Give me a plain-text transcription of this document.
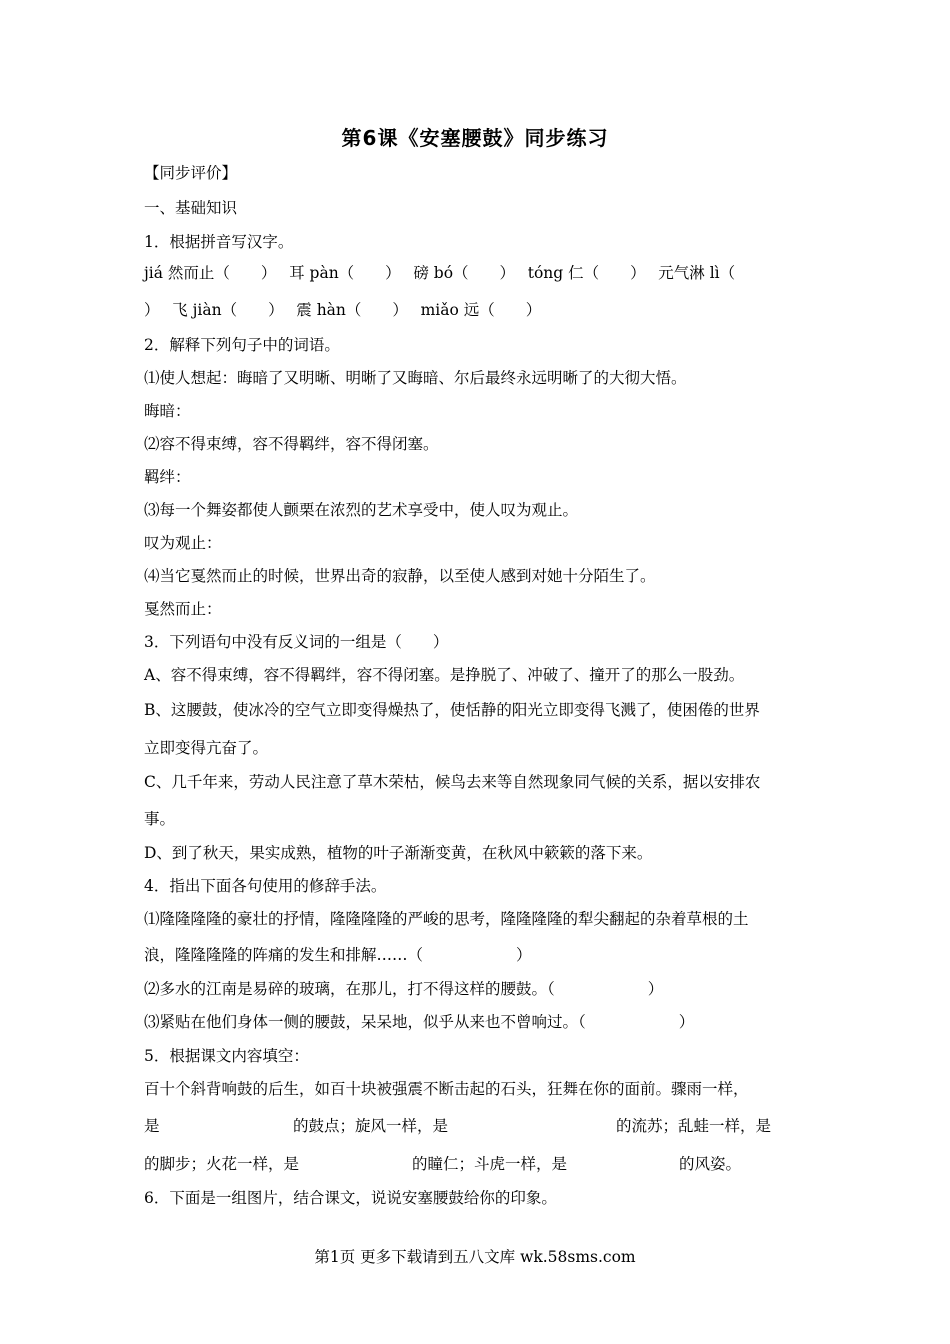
第6课《安塞腰鼓》同步练习
【同步评价】
一、基础知识
1．根据拼音写汉字。
jiá 然而止（　　）　 耳 pàn（　　）　 磅 bó（　　）　 tóng 仁（　　）　 元气淋 lì（
）　 飞 jiàn（　　）　 震 hàn（　　）　 miǎo 远（　　）
2．解释下列句子中的词语。
⑴使人想起：晦暗了又明晰、明晰了又晦暗、尔后最终永远明晰了的大彻大悟。
晦暗：
⑵容不得束缚，容不得羁绊，容不得闭塞。
羁绊：
⑶每一个舞姿都使人颤栗在浓烈的艺术享受中，使人叹为观止。
叹为观止：
⑷当它戛然而止的时候，世界出奇的寂静，以至使人感到对她十分陌生了。
戛然而止：
3．下列语句中没有反义词的一组是（　　）
A、容不得束缚，容不得羁绊，容不得闭塞。是挣脱了、冲破了、撞开了的那么一股劲。
B、这腰鼓，使冰冷的空气立即变得燥热了，使恬静的阳光立即变得飞溅了，使困倦的世界
立即变得亢奋了。
C、几千年来，劳动人民注意了草木荣枯，候鸟去来等自然现象同气候的关系，据以安排农
事。
D、到了秋天，果实成熟，植物的叶子渐渐变黄，在秋风中簌簌的落下来。
4．指出下面各句使用的修辞手法。
⑴隆隆隆隆的豪壮的抒情，隆隆隆隆的严峻的思考，隆隆隆隆的犁尖翻起的杂着草根的土
浪，隆隆隆隆的阵痛的发生和排解……（　　　　　　）
⑵多水的江南是易碎的玻璃，在那儿，打不得这样的腰鼓。（　　　　　　）
⑶紧贴在他们身体一侧的腰鼓，呆呆地，似乎从来也不曾响过。（　　　　　　）
5．根据课文内容填空：
百十个斜背响鼓的后生，如百十块被强震不断击起的石头，狂舞在你的面前。骤雨一样，
是	的鼓点；旋风一样，是	的流苏；乱蛙一样，是
的脚步；火花一样，是	的瞳仁；斗虎一样，是	的风姿。
6．下面是一组图片，结合课文，说说安塞腰鼓给你的印象。
第1页 更多下载请到五八文库 wk.58sms.com
